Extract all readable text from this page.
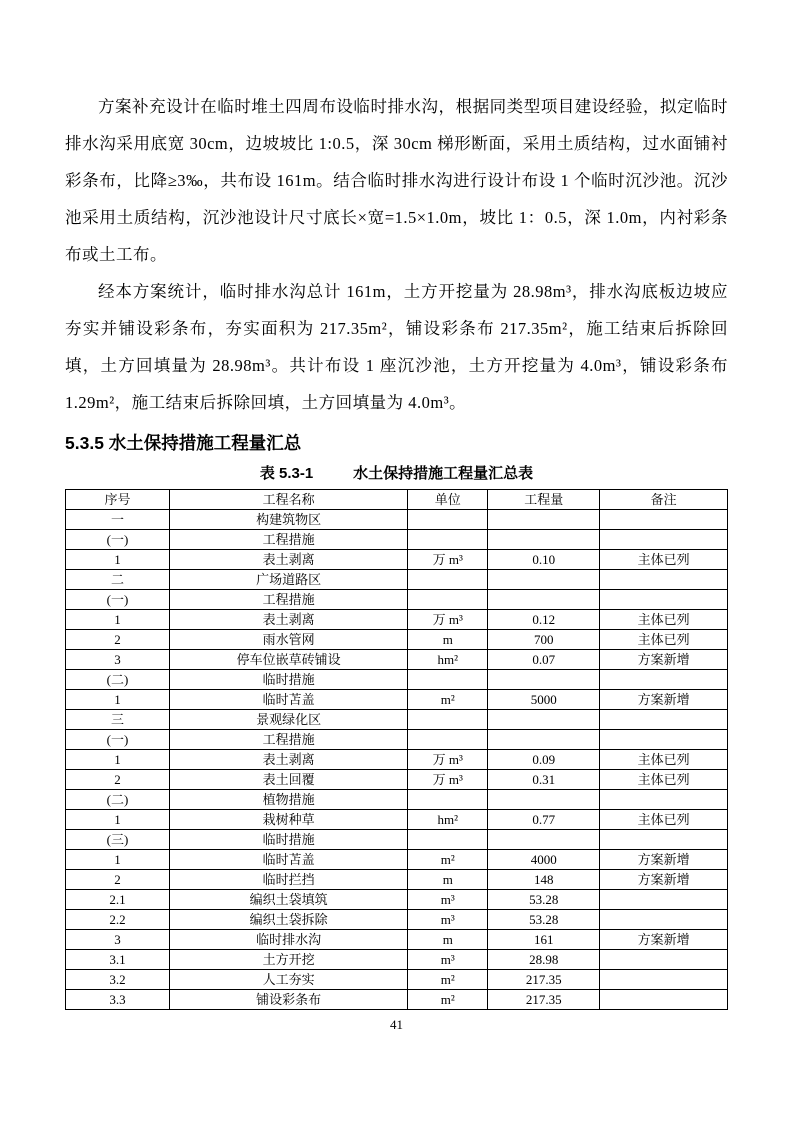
方案补充设计在临时堆土四周布设临时排水沟，根据同类型项目建设经验，拟定临时排水沟采用底宽 30cm，边坡坡比 1:0.5，深 30cm 梯形断面，采用土质结构，过水面铺衬彩条布，比降≥3‰，共布设 161m。结合临时排水沟进行设计布设 1 个临时沉沙池。沉沙池采用土质结构，沉沙池设计尺寸底长×宽=1.5×1.0m，坡比 1：0.5，深 1.0m，内衬彩条布或土工布。

经本方案统计，临时排水沟总计 161m，土方开挖量为 28.98m³，排水沟底板边坡应夯实并铺设彩条布，夯实面积为 217.35m²，铺设彩条布 217.35m²，施工结束后拆除回填，土方回填量为 28.98m³。共计布设 1 座沉沙池，土方开挖量为 4.0m³，铺设彩条布 1.29m²，施工结束后拆除回填，土方回填量为 4.0m³。

5.3.5 水土保持措施工程量汇总
表 5.3-1	水土保持措施工程量汇总表
序号	工程名称	单位	工程量	备注
一	构建筑物区			
(一)	工程措施			
1	表土剥离	万 m³	0.10	主体已列
二	广场道路区			
(一)	工程措施			
1	表土剥离	万 m³	0.12	主体已列
2	雨水管网	m	700	主体已列
3	停车位嵌草砖铺设	hm²	0.07	方案新增
(二)	临时措施			
1	临时苫盖	m²	5000	方案新增
三	景观绿化区			
(一)	工程措施			
1	表土剥离	万 m³	0.09	主体已列
2	表土回覆	万 m³	0.31	主体已列
(二)	植物措施			
1	栽树种草	hm²	0.77	主体已列
(三)	临时措施			
1	临时苫盖	m²	4000	方案新增
2	临时拦挡	m	148	方案新增
2.1	编织土袋填筑	m³	53.28	
2.2	编织土袋拆除	m³	53.28	
3	临时排水沟	m	161	方案新增
3.1	土方开挖	m³	28.98	
3.2	人工夯实	m²	217.35	
3.3	铺设彩条布	m²	217.35	
41
